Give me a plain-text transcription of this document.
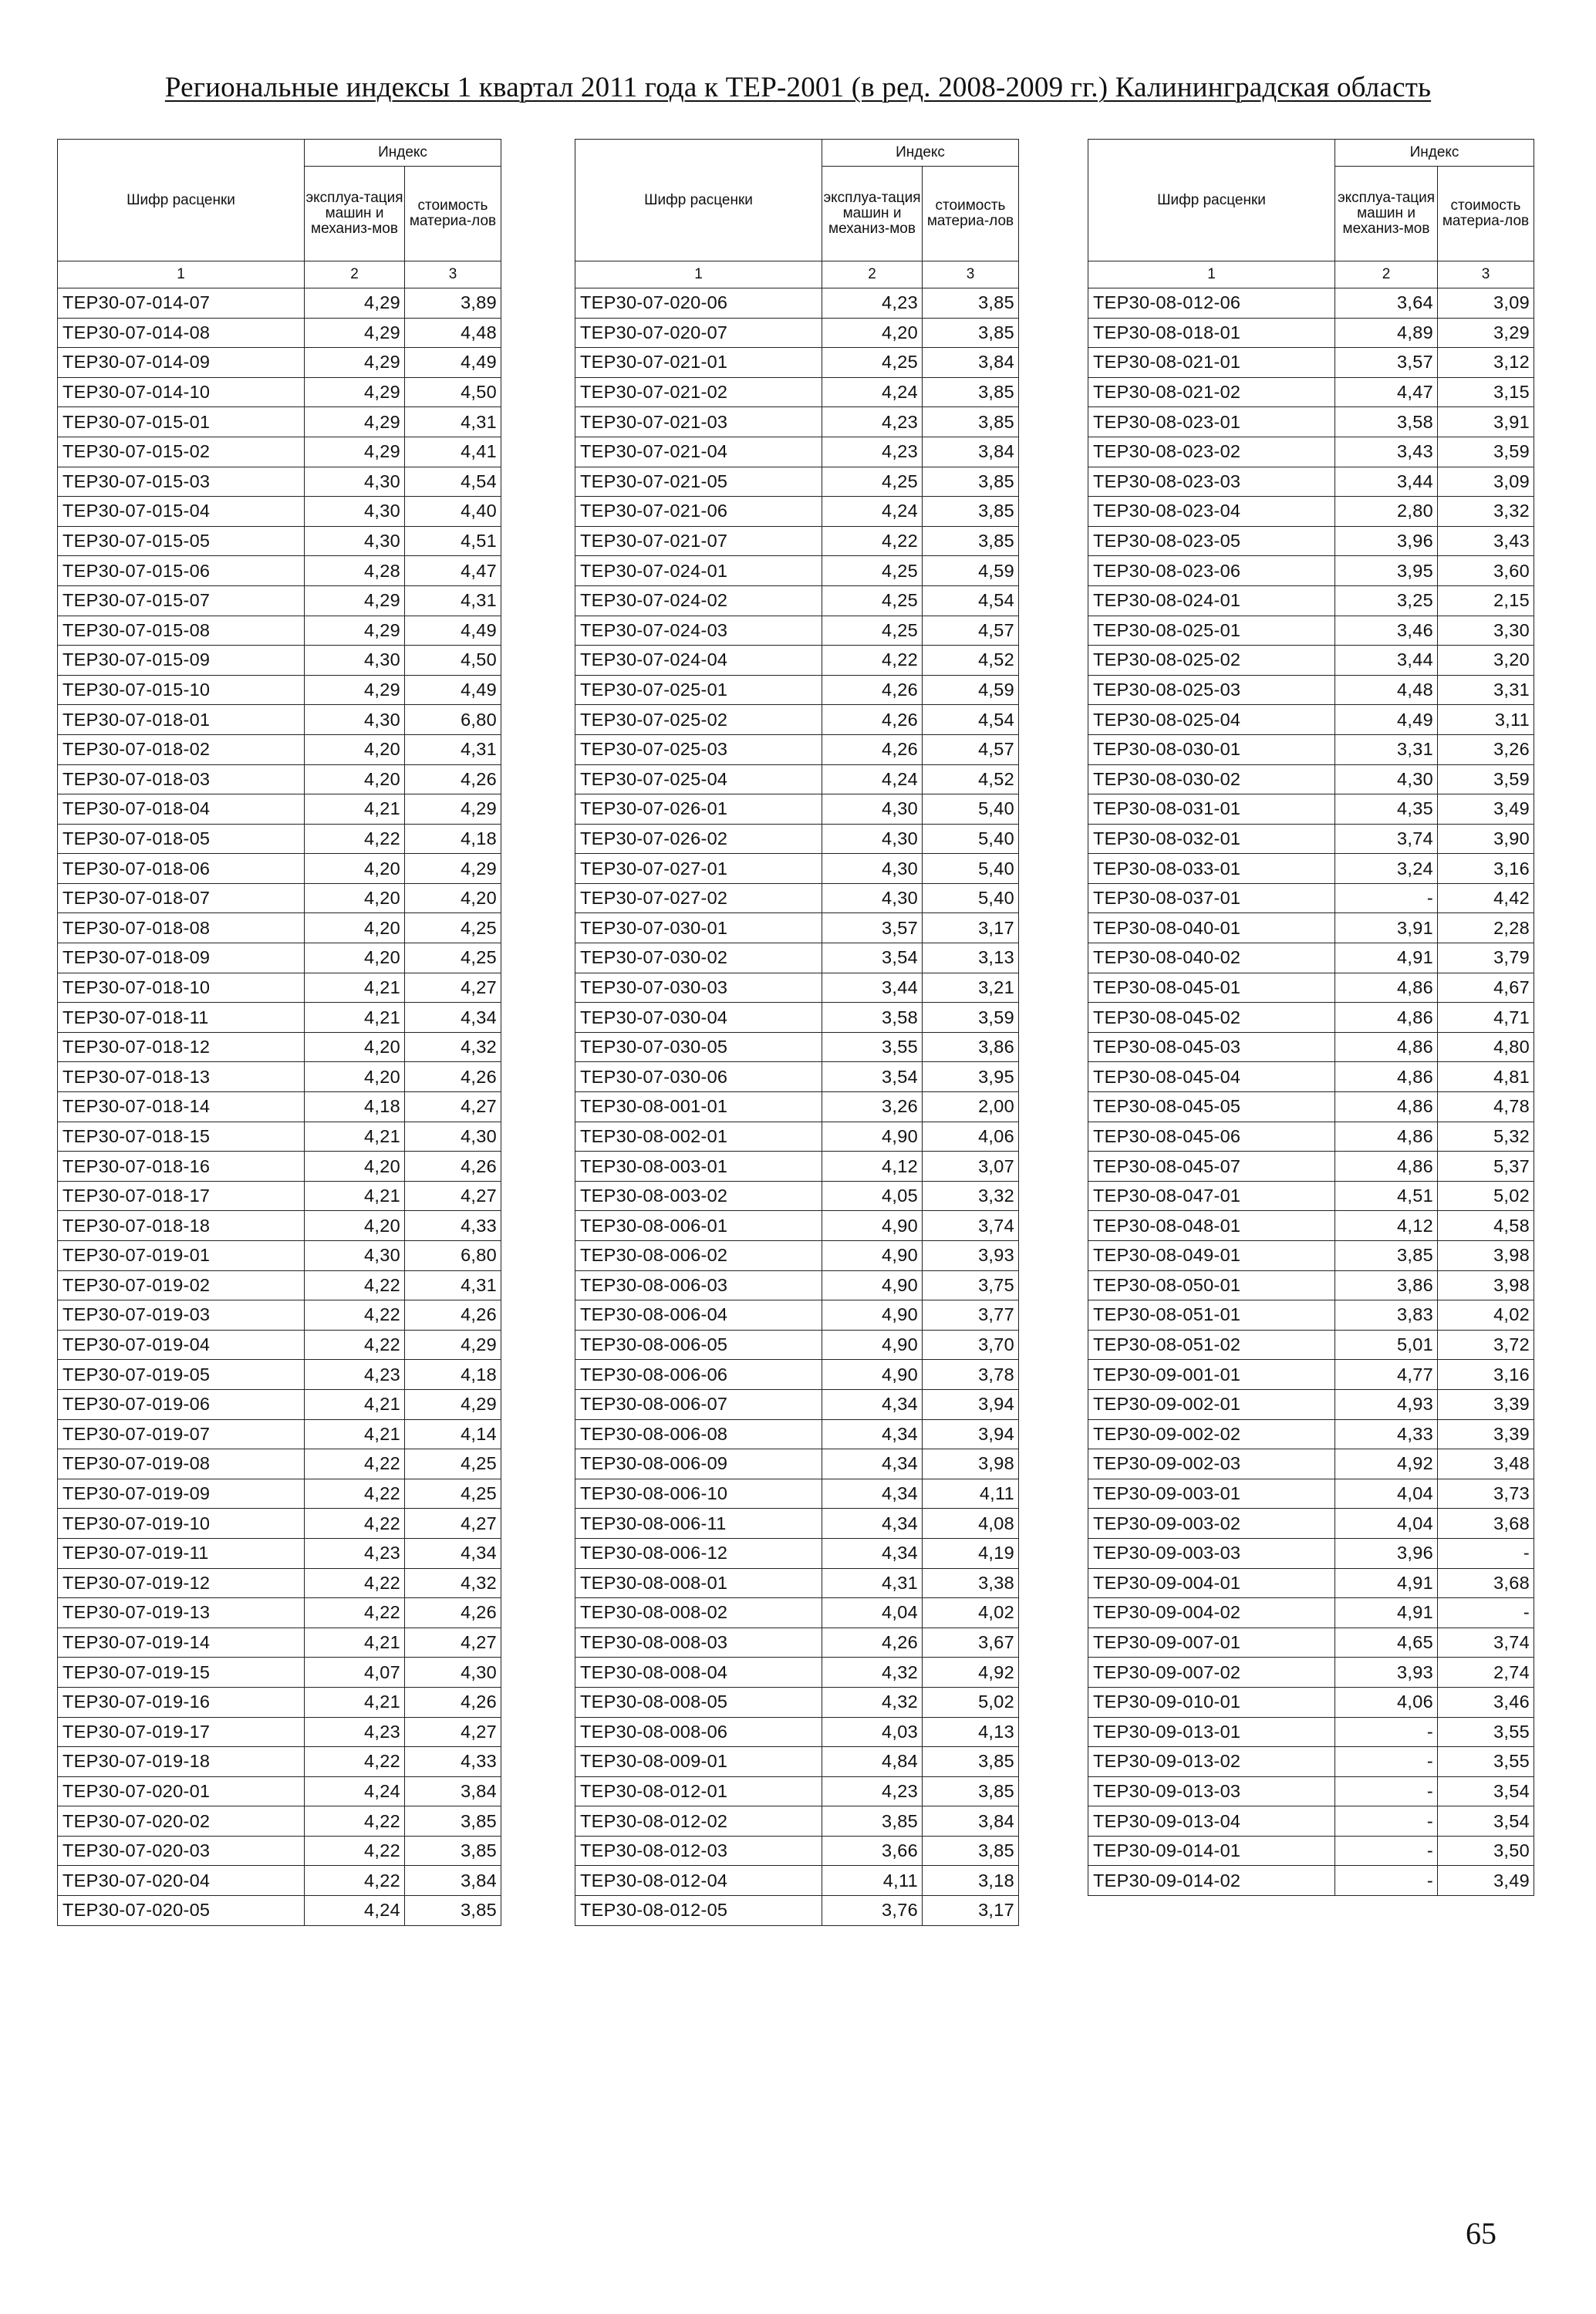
Региональные индексы 1 квартал 2011 года к ТЕР-2001 (в ред. 2008-2009 гг.) Калининградская область
Шифр расценки	Индекс	
	эксплуа-тация машин и механиз-мов	стоимость материа-лов
1	2	3
ТЕР30-07-014-07	4,29	3,89
ТЕР30-07-014-08	4,29	4,48
ТЕР30-07-014-09	4,29	4,49
ТЕР30-07-014-10	4,29	4,50
ТЕР30-07-015-01	4,29	4,31
ТЕР30-07-015-02	4,29	4,41
ТЕР30-07-015-03	4,30	4,54
ТЕР30-07-015-04	4,30	4,40
ТЕР30-07-015-05	4,30	4,51
ТЕР30-07-015-06	4,28	4,47
ТЕР30-07-015-07	4,29	4,31
ТЕР30-07-015-08	4,29	4,49
ТЕР30-07-015-09	4,30	4,50
ТЕР30-07-015-10	4,29	4,49
ТЕР30-07-018-01	4,30	6,80
ТЕР30-07-018-02	4,20	4,31
ТЕР30-07-018-03	4,20	4,26
ТЕР30-07-018-04	4,21	4,29
ТЕР30-07-018-05	4,22	4,18
ТЕР30-07-018-06	4,20	4,29
ТЕР30-07-018-07	4,20	4,20
ТЕР30-07-018-08	4,20	4,25
ТЕР30-07-018-09	4,20	4,25
ТЕР30-07-018-10	4,21	4,27
ТЕР30-07-018-11	4,21	4,34
ТЕР30-07-018-12	4,20	4,32
ТЕР30-07-018-13	4,20	4,26
ТЕР30-07-018-14	4,18	4,27
ТЕР30-07-018-15	4,21	4,30
ТЕР30-07-018-16	4,20	4,26
ТЕР30-07-018-17	4,21	4,27
ТЕР30-07-018-18	4,20	4,33
ТЕР30-07-019-01	4,30	6,80
ТЕР30-07-019-02	4,22	4,31
ТЕР30-07-019-03	4,22	4,26
ТЕР30-07-019-04	4,22	4,29
ТЕР30-07-019-05	4,23	4,18
ТЕР30-07-019-06	4,21	4,29
ТЕР30-07-019-07	4,21	4,14
ТЕР30-07-019-08	4,22	4,25
ТЕР30-07-019-09	4,22	4,25
ТЕР30-07-019-10	4,22	4,27
ТЕР30-07-019-11	4,23	4,34
ТЕР30-07-019-12	4,22	4,32
ТЕР30-07-019-13	4,22	4,26
ТЕР30-07-019-14	4,21	4,27
ТЕР30-07-019-15	4,07	4,30
ТЕР30-07-019-16	4,21	4,26
ТЕР30-07-019-17	4,23	4,27
ТЕР30-07-019-18	4,22	4,33
ТЕР30-07-020-01	4,24	3,84
ТЕР30-07-020-02	4,22	3,85
ТЕР30-07-020-03	4,22	3,85
ТЕР30-07-020-04	4,22	3,84
ТЕР30-07-020-05	4,24	3,85
Шифр расценки	Индекс	
	эксплуа-тация машин и механиз-мов	стоимость материа-лов
1	2	3
ТЕР30-07-020-06	4,23	3,85
ТЕР30-07-020-07	4,20	3,85
ТЕР30-07-021-01	4,25	3,84
ТЕР30-07-021-02	4,24	3,85
ТЕР30-07-021-03	4,23	3,85
ТЕР30-07-021-04	4,23	3,84
ТЕР30-07-021-05	4,25	3,85
ТЕР30-07-021-06	4,24	3,85
ТЕР30-07-021-07	4,22	3,85
ТЕР30-07-024-01	4,25	4,59
ТЕР30-07-024-02	4,25	4,54
ТЕР30-07-024-03	4,25	4,57
ТЕР30-07-024-04	4,22	4,52
ТЕР30-07-025-01	4,26	4,59
ТЕР30-07-025-02	4,26	4,54
ТЕР30-07-025-03	4,26	4,57
ТЕР30-07-025-04	4,24	4,52
ТЕР30-07-026-01	4,30	5,40
ТЕР30-07-026-02	4,30	5,40
ТЕР30-07-027-01	4,30	5,40
ТЕР30-07-027-02	4,30	5,40
ТЕР30-07-030-01	3,57	3,17
ТЕР30-07-030-02	3,54	3,13
ТЕР30-07-030-03	3,44	3,21
ТЕР30-07-030-04	3,58	3,59
ТЕР30-07-030-05	3,55	3,86
ТЕР30-07-030-06	3,54	3,95
ТЕР30-08-001-01	3,26	2,00
ТЕР30-08-002-01	4,90	4,06
ТЕР30-08-003-01	4,12	3,07
ТЕР30-08-003-02	4,05	3,32
ТЕР30-08-006-01	4,90	3,74
ТЕР30-08-006-02	4,90	3,93
ТЕР30-08-006-03	4,90	3,75
ТЕР30-08-006-04	4,90	3,77
ТЕР30-08-006-05	4,90	3,70
ТЕР30-08-006-06	4,90	3,78
ТЕР30-08-006-07	4,34	3,94
ТЕР30-08-006-08	4,34	3,94
ТЕР30-08-006-09	4,34	3,98
ТЕР30-08-006-10	4,34	4,11
ТЕР30-08-006-11	4,34	4,08
ТЕР30-08-006-12	4,34	4,19
ТЕР30-08-008-01	4,31	3,38
ТЕР30-08-008-02	4,04	4,02
ТЕР30-08-008-03	4,26	3,67
ТЕР30-08-008-04	4,32	4,92
ТЕР30-08-008-05	4,32	5,02
ТЕР30-08-008-06	4,03	4,13
ТЕР30-08-009-01	4,84	3,85
ТЕР30-08-012-01	4,23	3,85
ТЕР30-08-012-02	3,85	3,84
ТЕР30-08-012-03	3,66	3,85
ТЕР30-08-012-04	4,11	3,18
ТЕР30-08-012-05	3,76	3,17
Шифр расценки	Индекс	
	эксплуа-тация машин и механиз-мов	стоимость материа-лов
1	2	3
ТЕР30-08-012-06	3,64	3,09
ТЕР30-08-018-01	4,89	3,29
ТЕР30-08-021-01	3,57	3,12
ТЕР30-08-021-02	4,47	3,15
ТЕР30-08-023-01	3,58	3,91
ТЕР30-08-023-02	3,43	3,59
ТЕР30-08-023-03	3,44	3,09
ТЕР30-08-023-04	2,80	3,32
ТЕР30-08-023-05	3,96	3,43
ТЕР30-08-023-06	3,95	3,60
ТЕР30-08-024-01	3,25	2,15
ТЕР30-08-025-01	3,46	3,30
ТЕР30-08-025-02	3,44	3,20
ТЕР30-08-025-03	4,48	3,31
ТЕР30-08-025-04	4,49	3,11
ТЕР30-08-030-01	3,31	3,26
ТЕР30-08-030-02	4,30	3,59
ТЕР30-08-031-01	4,35	3,49
ТЕР30-08-032-01	3,74	3,90
ТЕР30-08-033-01	3,24	3,16
ТЕР30-08-037-01	-	4,42
ТЕР30-08-040-01	3,91	2,28
ТЕР30-08-040-02	4,91	3,79
ТЕР30-08-045-01	4,86	4,67
ТЕР30-08-045-02	4,86	4,71
ТЕР30-08-045-03	4,86	4,80
ТЕР30-08-045-04	4,86	4,81
ТЕР30-08-045-05	4,86	4,78
ТЕР30-08-045-06	4,86	5,32
ТЕР30-08-045-07	4,86	5,37
ТЕР30-08-047-01	4,51	5,02
ТЕР30-08-048-01	4,12	4,58
ТЕР30-08-049-01	3,85	3,98
ТЕР30-08-050-01	3,86	3,98
ТЕР30-08-051-01	3,83	4,02
ТЕР30-08-051-02	5,01	3,72
ТЕР30-09-001-01	4,77	3,16
ТЕР30-09-002-01	4,93	3,39
ТЕР30-09-002-02	4,33	3,39
ТЕР30-09-002-03	4,92	3,48
ТЕР30-09-003-01	4,04	3,73
ТЕР30-09-003-02	4,04	3,68
ТЕР30-09-003-03	3,96	-
ТЕР30-09-004-01	4,91	3,68
ТЕР30-09-004-02	4,91	-
ТЕР30-09-007-01	4,65	3,74
ТЕР30-09-007-02	3,93	2,74
ТЕР30-09-010-01	4,06	3,46
ТЕР30-09-013-01	-	3,55
ТЕР30-09-013-02	-	3,55
ТЕР30-09-013-03	-	3,54
ТЕР30-09-013-04	-	3,54
ТЕР30-09-014-01	-	3,50
ТЕР30-09-014-02	-	3,49
65
